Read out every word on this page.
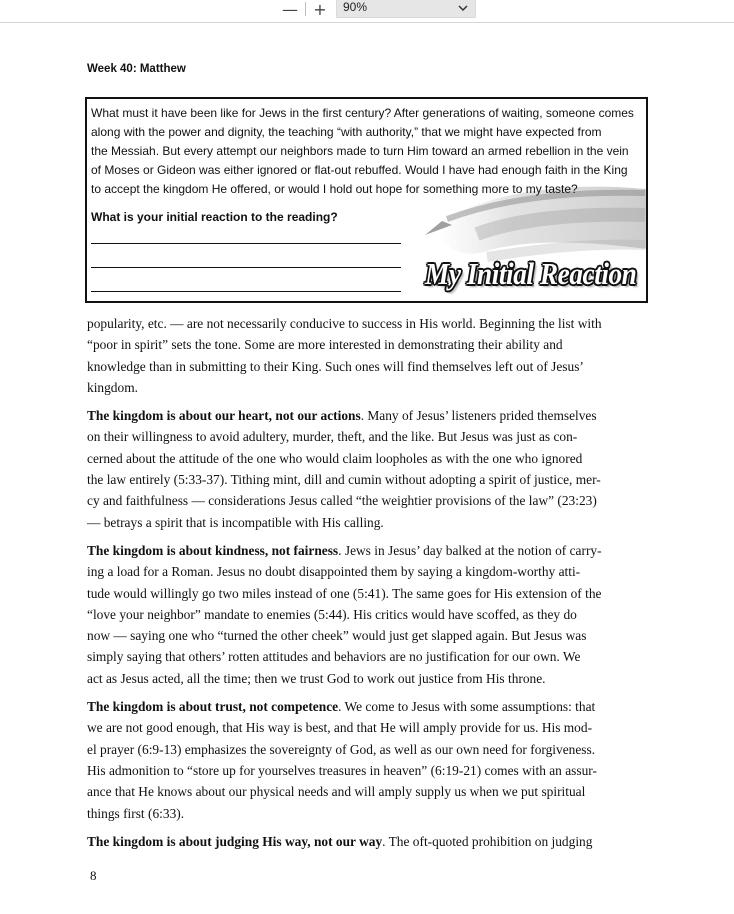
— +	90%
Week 40: Matthew
What must it have been like for Jews in the first century? After generations of waiting, someone comes
along with the power and dignity, the teaching “with authority,” that we might have expected from
the Messiah. But every attempt our neighbors made to turn Him toward an armed rebellion in the vein
of Moses or Gideon was either ignored or flat-out rebuffed. Would I have had enough faith in the King
to accept the kingdom He offered, or would I hold out hope for something more to my taste?
What is your initial reaction to the reading?
My Initial Reaction

popularity, etc. — are not necessarily conducive to success in His world. Beginning the list with
“poor in spirit” sets the tone. Some are more interested in demonstrating their ability and
knowledge than in submitting to their King. Such ones will find themselves left out of Jesus’
kingdom.

The kingdom is about our heart, not our actions. Many of Jesus’ listeners prided themselves
on their willingness to avoid adultery, murder, theft, and the like. But Jesus was just as con-
cerned about the attitude of the one who would claim loopholes as with the one who ignored
the law entirely (5:33-37). Tithing mint, dill and cumin without adopting a spirit of justice, mer-
cy and faithfulness — considerations Jesus called “the weightier provisions of the law” (23:23)
— betrays a spirit that is incompatible with His calling.

The kingdom is about kindness, not fairness. Jews in Jesus’ day balked at the notion of carry-
ing a load for a Roman. Jesus no doubt disappointed them by saying a kingdom-worthy atti-
tude would willingly go two miles instead of one (5:41). The same goes for His extension of the
“love your neighbor” mandate to enemies (5:44). His critics would have scoffed, as they do
now — saying one who “turned the other cheek” would just get slapped again. But Jesus was
simply saying that others’ rotten attitudes and behaviors are no justification for our own. We
act as Jesus acted, all the time; then we trust God to work out justice from His throne.

The kingdom is about trust, not competence. We come to Jesus with some assumptions: that
we are not good enough, that His way is best, and that He will amply provide for us. His mod-
el prayer (6:9-13) emphasizes the sovereignty of God, as well as our own need for forgiveness.
His admonition to “store up for yourselves treasures in heaven” (6:19-21) comes with an assur-
ance that He knows about our physical needs and will amply supply us when we put spiritual
things first (6:33).

The kingdom is about judging His way, not our way. The oft-quoted prohibition on judging

8
